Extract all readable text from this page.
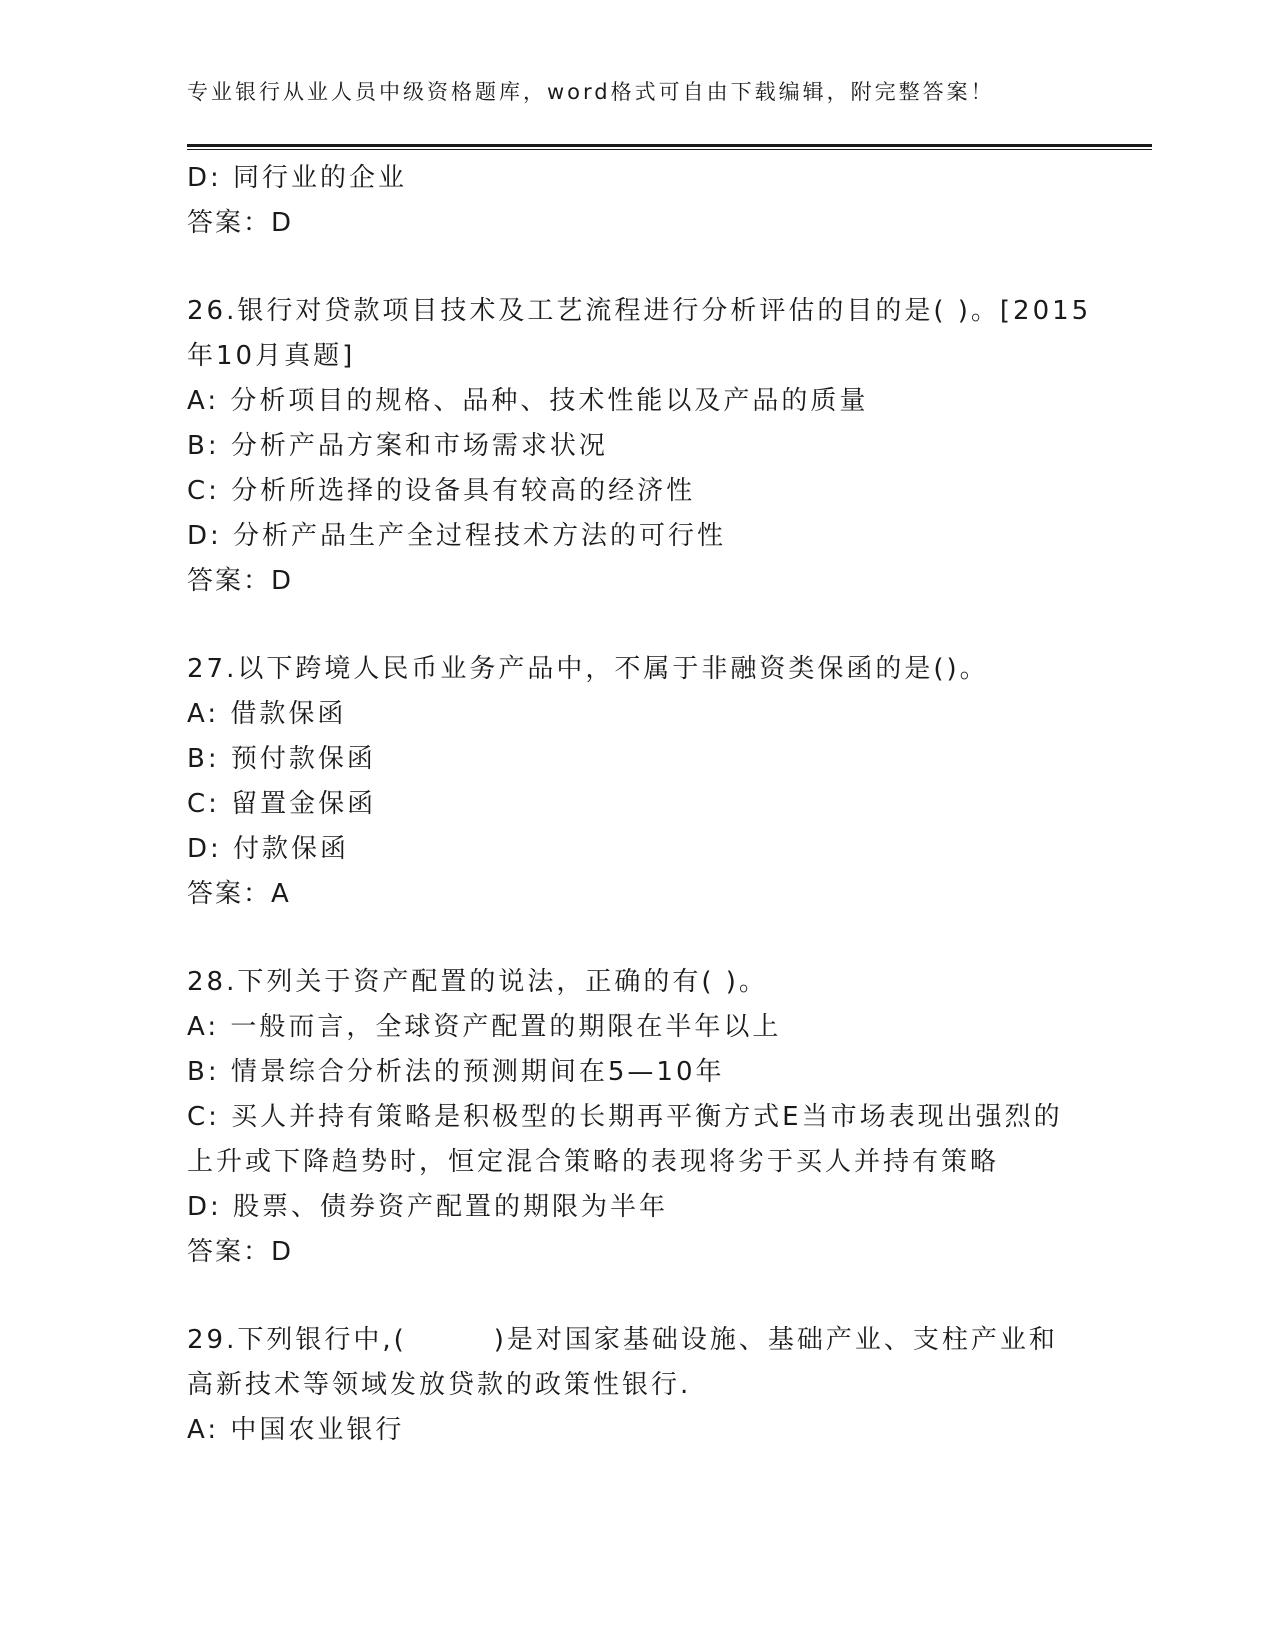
专业银行从业人员中级资格题库，word格式可自由下载编辑，附完整答案！
D: 同行业的企业
答案：D
26.银行对贷款项目技术及工艺流程进行分析评估的目的是( )。[2015
年10月真题]
A: 分析项目的规格、品种、技术性能以及产品的质量
B: 分析产品方案和市场需求状况
C: 分析所选择的设备具有较高的经济性
D: 分析产品生产全过程技术方法的可行性
答案：D
27.以下跨境人民币业务产品中，不属于非融资类保函的是()。
A: 借款保函
B: 预付款保函
C: 留置金保函
D: 付款保函
答案：A
28.下列关于资产配置的说法，正确的有( )。
A: 一般而言，全球资产配置的期限在半年以上
B: 情景综合分析法的预测期间在5—10年
C: 买人并持有策略是积极型的长期再平衡方式E当市场表现出强烈的
上升或下降趋势时，恒定混合策略的表现将劣于买人并持有策略
D: 股票、债券资产配置的期限为半年
答案：D
29.下列银行中,(　　　)是对国家基础设施、基础产业、支柱产业和
高新技术等领域发放贷款的政策性银行.
A: 中国农业银行
